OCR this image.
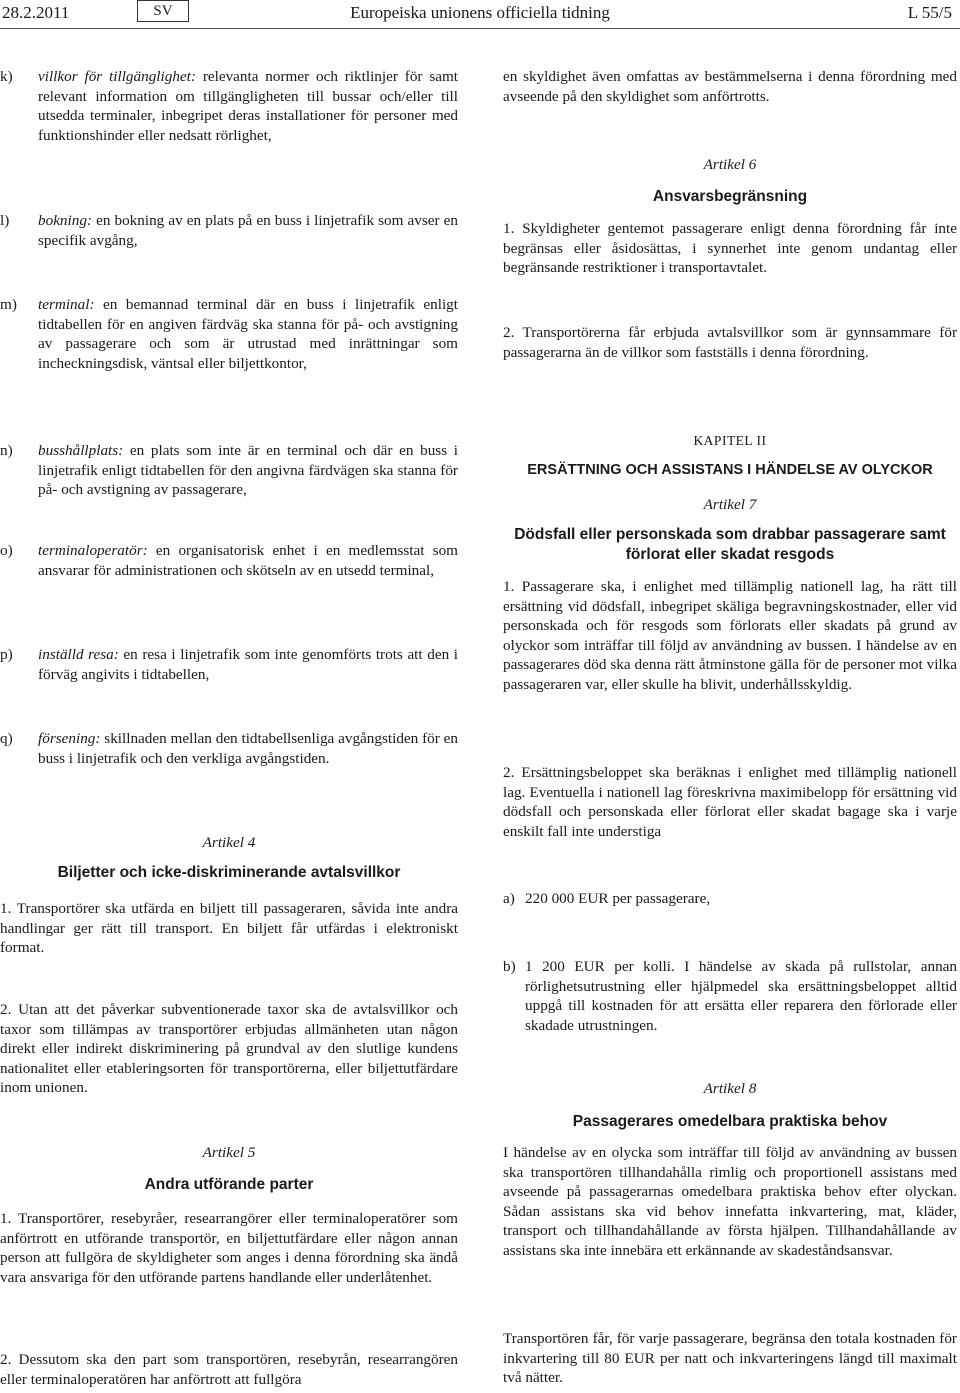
28.2.2011	SV	Europeiska unionens officiella tidning	L 55/5
k) villkor för tillgänglighet: relevanta normer och riktlinjer för samt relevant information om tillgängligheten till bussar och/eller till utsedda terminaler, inbegripet deras installationer för personer med funktionshinder eller nedsatt rörlighet,
l) bokning: en bokning av en plats på en buss i linjetrafik som avser en specifik avgång,
m) terminal: en bemannad terminal där en buss i linjetrafik enligt tidtabellen för en angiven färdväg ska stanna för på- och avstigning av passagerare och som är utrustad med inrättningar som incheckningsdisk, väntsal eller biljettkontor,
n) busshållplats: en plats som inte är en terminal och där en buss i linjetrafik enligt tidtabellen för den angivna färdvägen ska stanna för på- och avstigning av passagerare,
o) terminaloperatör: en organisatorisk enhet i en medlemsstat som ansvarar för administrationen och skötseln av en utsedd terminal,
p) inställd resa: en resa i linjetrafik som inte genomförts trots att den i förväg angivits i tidtabellen,
q) försening: skillnaden mellan den tidtabellsenliga avgångstiden för en buss i linjetrafik och den verkliga avgångstiden.
Artikel 4
Biljetter och icke-diskriminerande avtalsvillkor
1. Transportörer ska utfärda en biljett till passageraren, såvida inte andra handlingar ger rätt till transport. En biljett får utfärdas i elektroniskt format.
2. Utan att det påverkar subventionerade taxor ska de avtalsvillkor och taxor som tillämpas av transportörer erbjudas allmänheten utan någon direkt eller indirekt diskriminering på grundval av den slutlige kundens nationalitet eller etableringsorten för transportörerna, eller biljettutfärdare inom unionen.
Artikel 5
Andra utförande parter
1. Transportörer, resebyråer, researrangörer eller terminaloperatörer som anförtrott en utförande transportör, en biljettutfärdare eller någon annan person att fullgöra de skyldigheter som anges i denna förordning ska ändå vara ansvariga för den utförande partens handlande eller underlåtenhet.
2. Dessutom ska den part som transportören, resebyrån, researrangören eller terminaloperatören har anförtrott att fullgöra
en skyldighet även omfattas av bestämmelserna i denna förordning med avseende på den skyldighet som anförtrotts.
Artikel 6
Ansvarsbegränsning
1. Skyldigheter gentemot passagerare enligt denna förordning får inte begränsas eller åsidosättas, i synnerhet inte genom undantag eller begränsande restriktioner i transportavtalet.
2. Transportörerna får erbjuda avtalsvillkor som är gynnsammare för passagerarna än de villkor som fastställs i denna förordning.
KAPITEL II
ERSÄTTNING OCH ASSISTANS I HÄNDELSE AV OLYCKOR
Artikel 7
Dödsfall eller personskada som drabbar passagerare samt förlorat eller skadat resgods
1. Passagerare ska, i enlighet med tillämplig nationell lag, ha rätt till ersättning vid dödsfall, inbegripet skäliga begravningskostnader, eller vid personskada och för resgods som förlorats eller skadats på grund av olyckor som inträffar till följd av användning av bussen. I händelse av en passagerares död ska denna rätt åtminstone gälla för de personer mot vilka passageraren var, eller skulle ha blivit, underhållsskyldig.
2. Ersättningsbeloppet ska beräknas i enlighet med tillämplig nationell lag. Eventuella i nationell lag föreskrivna maximibelopp för ersättning vid dödsfall och personskada eller förlorat eller skadat bagage ska i varje enskilt fall inte understiga
a) 220 000 EUR per passagerare,
b) 1 200 EUR per kolli. I händelse av skada på rullstolar, annan rörlighetsutrustning eller hjälpmedel ska ersättningsbeloppet alltid uppgå till kostnaden för att ersätta eller reparera den förlorade eller skadade utrustningen.
Artikel 8
Passagerares omedelbara praktiska behov
I händelse av en olycka som inträffar till följd av användning av bussen ska transportören tillhandahålla rimlig och proportionell assistans med avseende på passagerarnas omedelbara praktiska behov efter olyckan. Sådan assistans ska vid behov innefatta inkvartering, mat, kläder, transport och tillhandahållande av första hjälpen. Tillhandahållande av assistans ska inte innebära ett erkännande av skadeståndsansvar.
Transportören får, för varje passagerare, begränsa den totala kostnaden för inkvartering till 80 EUR per natt och inkvarteringens längd till maximalt två nätter.
